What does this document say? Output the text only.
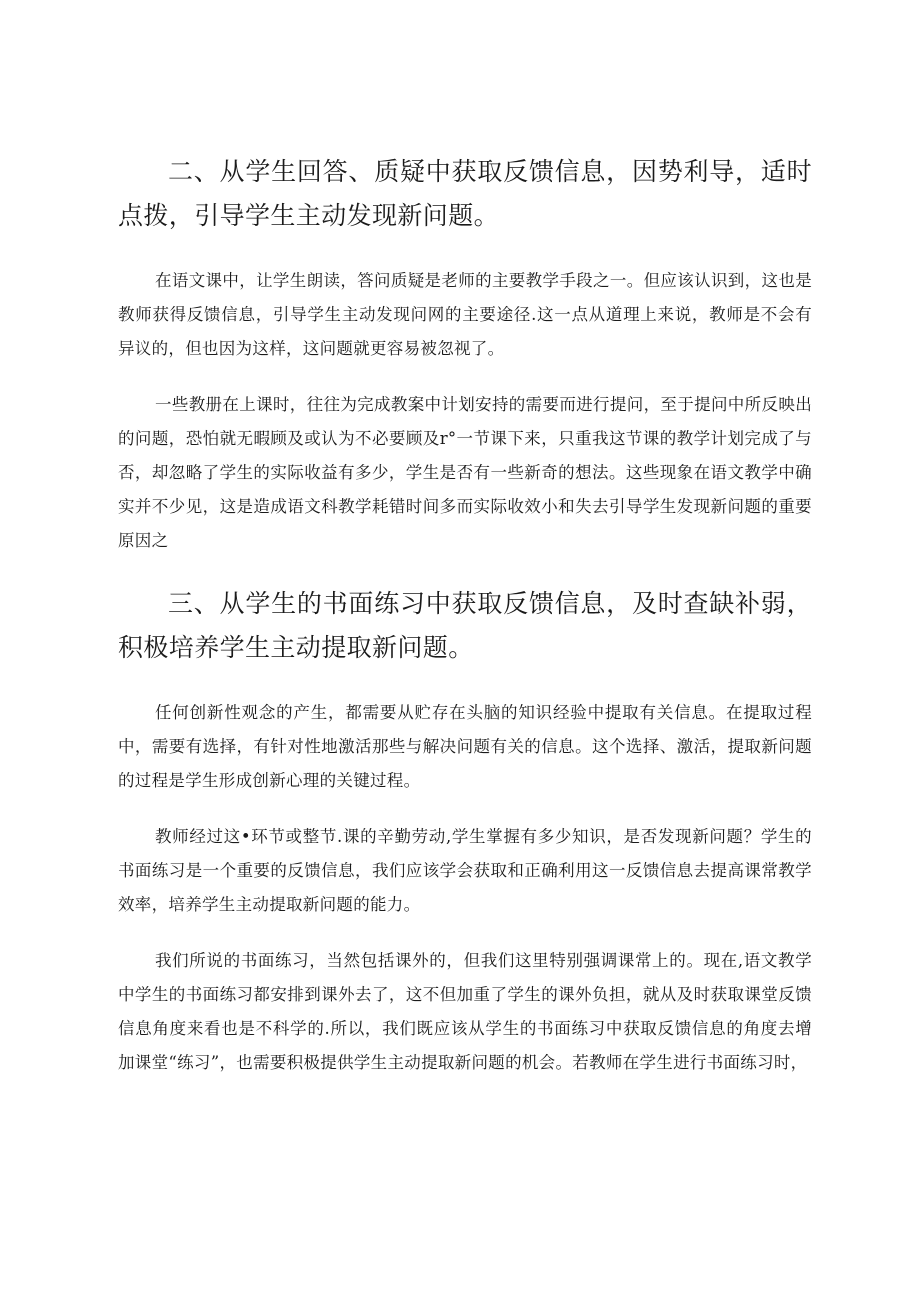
二、从学生回答、质疑中获取反馈信息，因势利导，适时点拨，引导学生主动发现新问题。

在语文课中，让学生朗读，答问质疑是老师的主要教学手段之一。但应该认识到，这也是教师获得反馈信息，引导学生主动发现问网的主要途径.这一点从道理上来说，教师是不会有异议的，但也因为这样，这问题就更容易被忽视了。

一些教册在上课时，往往为完成教案中计划安持的需要而进行提问，至于提问中所反映出的问题，恐怕就无暇顾及或认为不必要顾及r°一节课下来，只重我这节课的教学计划完成了与否，却忽略了学生的实际收益有多少，学生是否有一些新奇的想法。这些现象在语文教学中确实并不少见，这是造成语文科教学耗错时间多而实际收效小和失去引导学生发现新问题的重要原因之

三、从学生的书面练习中获取反馈信息，及时查缺补弱，积极培养学生主动提取新问题。

任何创新性观念的产生，都需要从贮存在头脑的知识经验中提取有关信息。在提取过程中，需要有选择，有针对性地激活那些与解决问题有关的信息。这个选择、激活，提取新问题的过程是学生形成创新心理的关键过程。

教师经过这•环节或整节.课的辛勤劳动,学生掌握有多少知识，是否发现新问题？学生的书面练习是一个重要的反馈信息，我们应该学会获取和正确利用这一反馈信息去提高课常教学效率，培养学生主动提取新问题的能力。

我们所说的书面练习，当然包括课外的，但我们这里特别强调课常上的。现在,语文教学中学生的书面练习都安排到课外去了，这不但加重了学生的课外负担，就从及时获取课堂反馈信息角度来看也是不科学的.所以，我们既应该从学生的书面练习中获取反馈信息的角度去增加课堂“练习”，也需要积极提供学生主动提取新问题的机会。若教师在学生进行书面练习时，
